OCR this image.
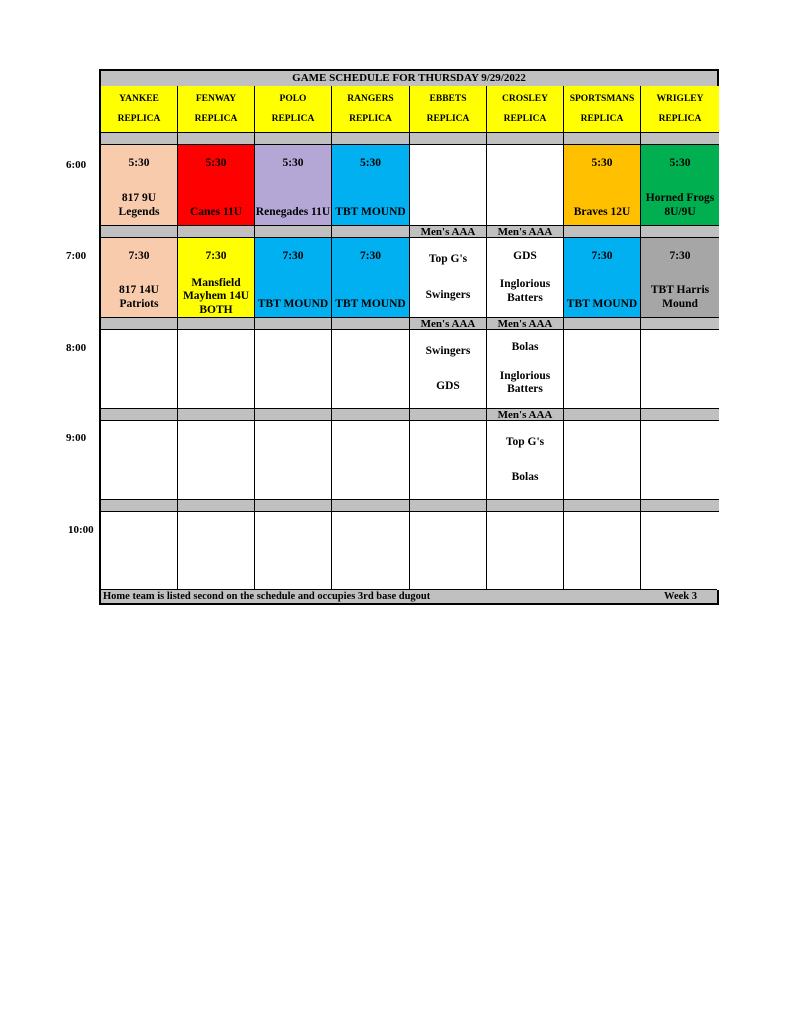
6:00
7:00
8:00
9:00
10:00
GAME SCHEDULE FOR THURSDAY 9/29/2022
YANKEE
REPLICA
5:30
817 9U Legends
7:30
817 14U Patriots
FENWAY
REPLICA
5:30
Canes 11U
7:30
Mansfield Mayhem 14U BOTH
POLO
REPLICA
5:30
Renegades 11U
7:30
TBT MOUND
RANGERS
REPLICA
5:30
TBT MOUND
7:30
TBT MOUND
EBBETS
REPLICA
Men's AAA
Top G's
Swingers
Men's AAA
Swingers
GDS
CROSLEY
REPLICA
Men's AAA
GDS
Inglorious Batters
Men's AAA
Bolas
Inglorious Batters
Men's AAA
Top G's
Bolas
SPORTSMANS
REPLICA
5:30
Braves 12U
7:30
TBT MOUND
WRIGLEY
REPLICA
5:30
Horned Frogs 8U/9U
7:30
TBT Harris Mound
Home team is listed second on the schedule and occupies 3rd base dugout	Week 3
